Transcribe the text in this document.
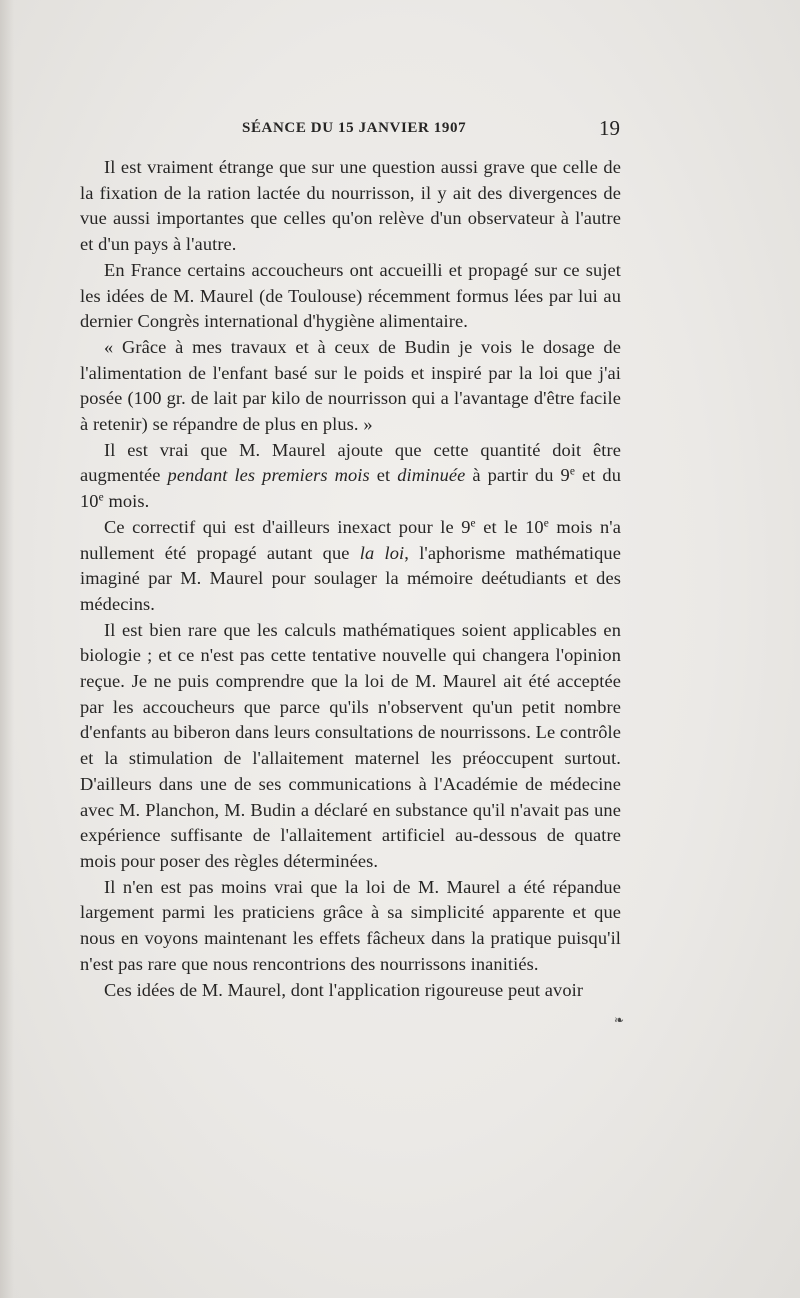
SÉANCE DU 15 JANVIER 1907	19

Il est vraiment étrange que sur une question aussi grave que celle de la fixation de la ration lactée du nourrisson, il y ait des divergences de vue aussi importantes que celles qu'on relève d'un observateur à l'autre et d'un pays à l'autre.

En France certains accoucheurs ont accueilli et propagé sur ce sujet les idées de M. Maurel (de Toulouse) récemment formus lées par lui au dernier Congrès international d'hygiène alimentaire.

« Grâce à mes travaux et à ceux de Budin je vois le dosage de l'alimentation de l'enfant basé sur le poids et inspiré par la loi que j'ai posée (100 gr. de lait par kilo de nourrisson qui a l'avantage d'être facile à retenir) se répandre de plus en plus. »

Il est vrai que M. Maurel ajoute que cette quantité doit être augmentée pendant les premiers mois et diminuée à partir du 9e et du 10e mois.

Ce correctif qui est d'ailleurs inexact pour le 9e et le 10e mois n'a nullement été propagé autant que la loi, l'aphorisme mathématique imaginé par M. Maurel pour soulager la mémoire deétudiants et des médecins.

Il est bien rare que les calculs mathématiques soient applicables en biologie ; et ce n'est pas cette tentative nouvelle qui changera l'opinion reçue. Je ne puis comprendre que la loi de M. Maurel ait été acceptée par les accoucheurs que parce qu'ils n'observent qu'un petit nombre d'enfants au biberon dans leurs consultations de nourrissons. Le contrôle et la stimulation de l'allaitement maternel les préoccupent surtout. D'ailleurs dans une de ses communications à l'Académie de médecine avec M. Planchon, M. Budin a déclaré en substance qu'il n'avait pas une expérience suffisante de l'allaitement artificiel au-dessous de quatre mois pour poser des règles déterminées.

Il n'en est pas moins vrai que la loi de M. Maurel a été répandue largement parmi les praticiens grâce à sa simplicité apparente et que nous en voyons maintenant les effets fâcheux dans la pratique puisqu'il n'est pas rare que nous rencontrions des nourrissons inanitiés.

Ces idées de M. Maurel, dont l'application rigoureuse peut avoir

❧
